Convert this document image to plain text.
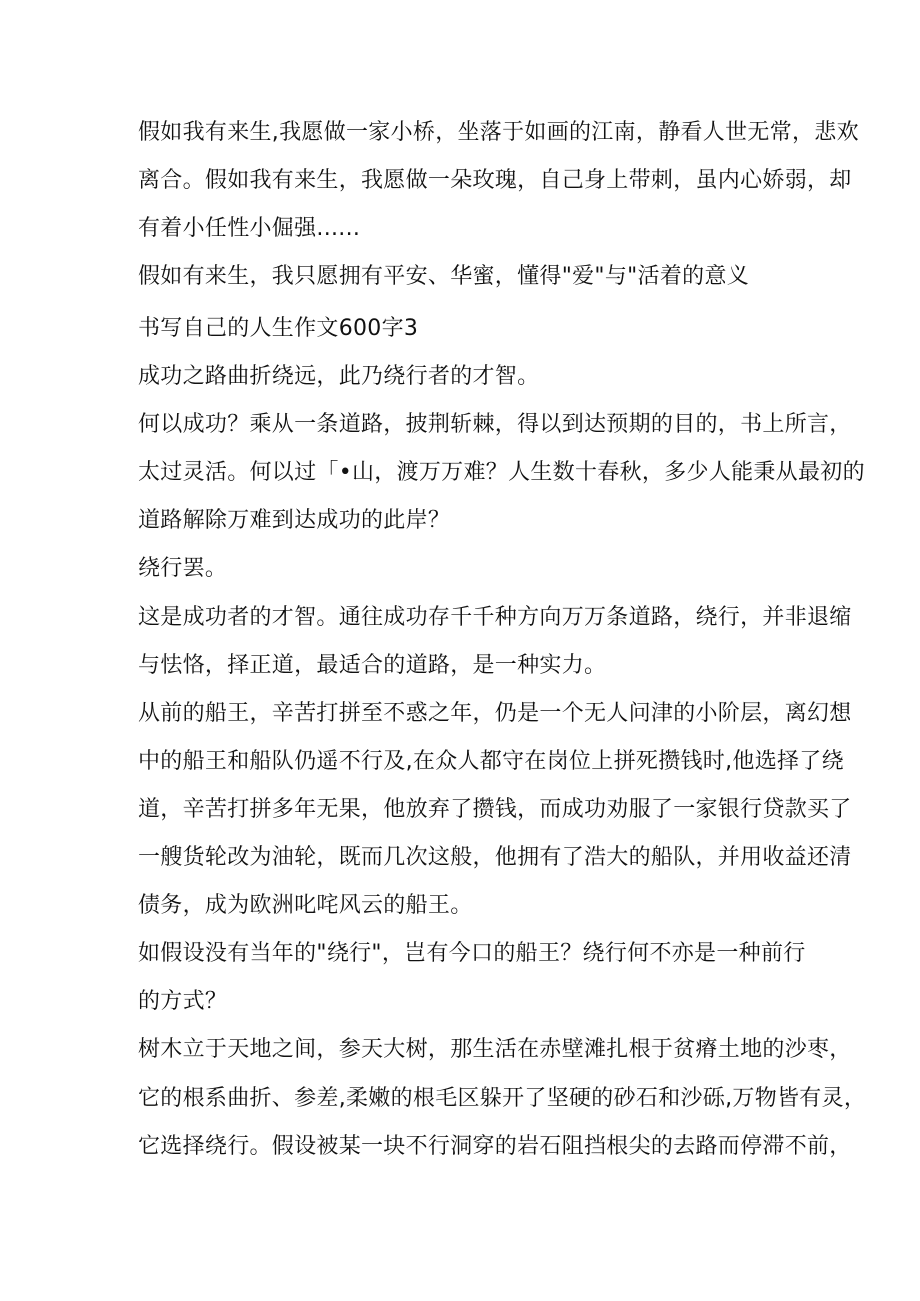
假如我有来生,我愿做一家小桥，坐落于如画的江南，静看人世无常，悲欢
离合。假如我有来生，我愿做一朵玫瑰，自己身上带刺，虽内心娇弱，却
有着小任性小倔强......
假如有来生，我只愿拥有平安、华蜜，懂得"爱"与"活着的意义
书写自己的人生作文600字3
成功之路曲折绕远，此乃绕行者的才智。
何以成功？乘从一条道路，披荆斩棘，得以到达预期的目的，书上所言，
太过灵活。何以过「•山，渡万万难？人生数十春秋，多少人能秉从最初的
道路解除万难到达成功的此岸？
绕行罢。
这是成功者的才智。通往成功存千千种方向万万条道路，绕行，并非退缩
与怯恪，择正道，最适合的道路，是一种实力。
从前的船王，辛苦打拼至不惑之年，仍是一个无人问津的小阶层，离幻想
中的船王和船队仍遥不行及,在众人都守在岗位上拼死攒钱时,他选择了绕
道，辛苦打拼多年无果，他放弃了攒钱，而成功劝服了一家银行贷款买了
一艘货轮改为油轮，既而几次这般，他拥有了浩大的船队，并用收益还清
债务，成为欧洲叱咤风云的船王。
如假设没有当年的"绕行"，岂有今口的船王？绕行何不亦是一种前行
的方式？
树木立于天地之间，参天大树，那生活在赤壁滩扎根于贫瘠土地的沙枣，
它的根系曲折、参差,柔嫩的根毛区躲开了坚硬的砂石和沙砾,万物皆有灵，
它选择绕行。假设被某一块不行洞穿的岩石阻挡根尖的去路而停滞不前，
